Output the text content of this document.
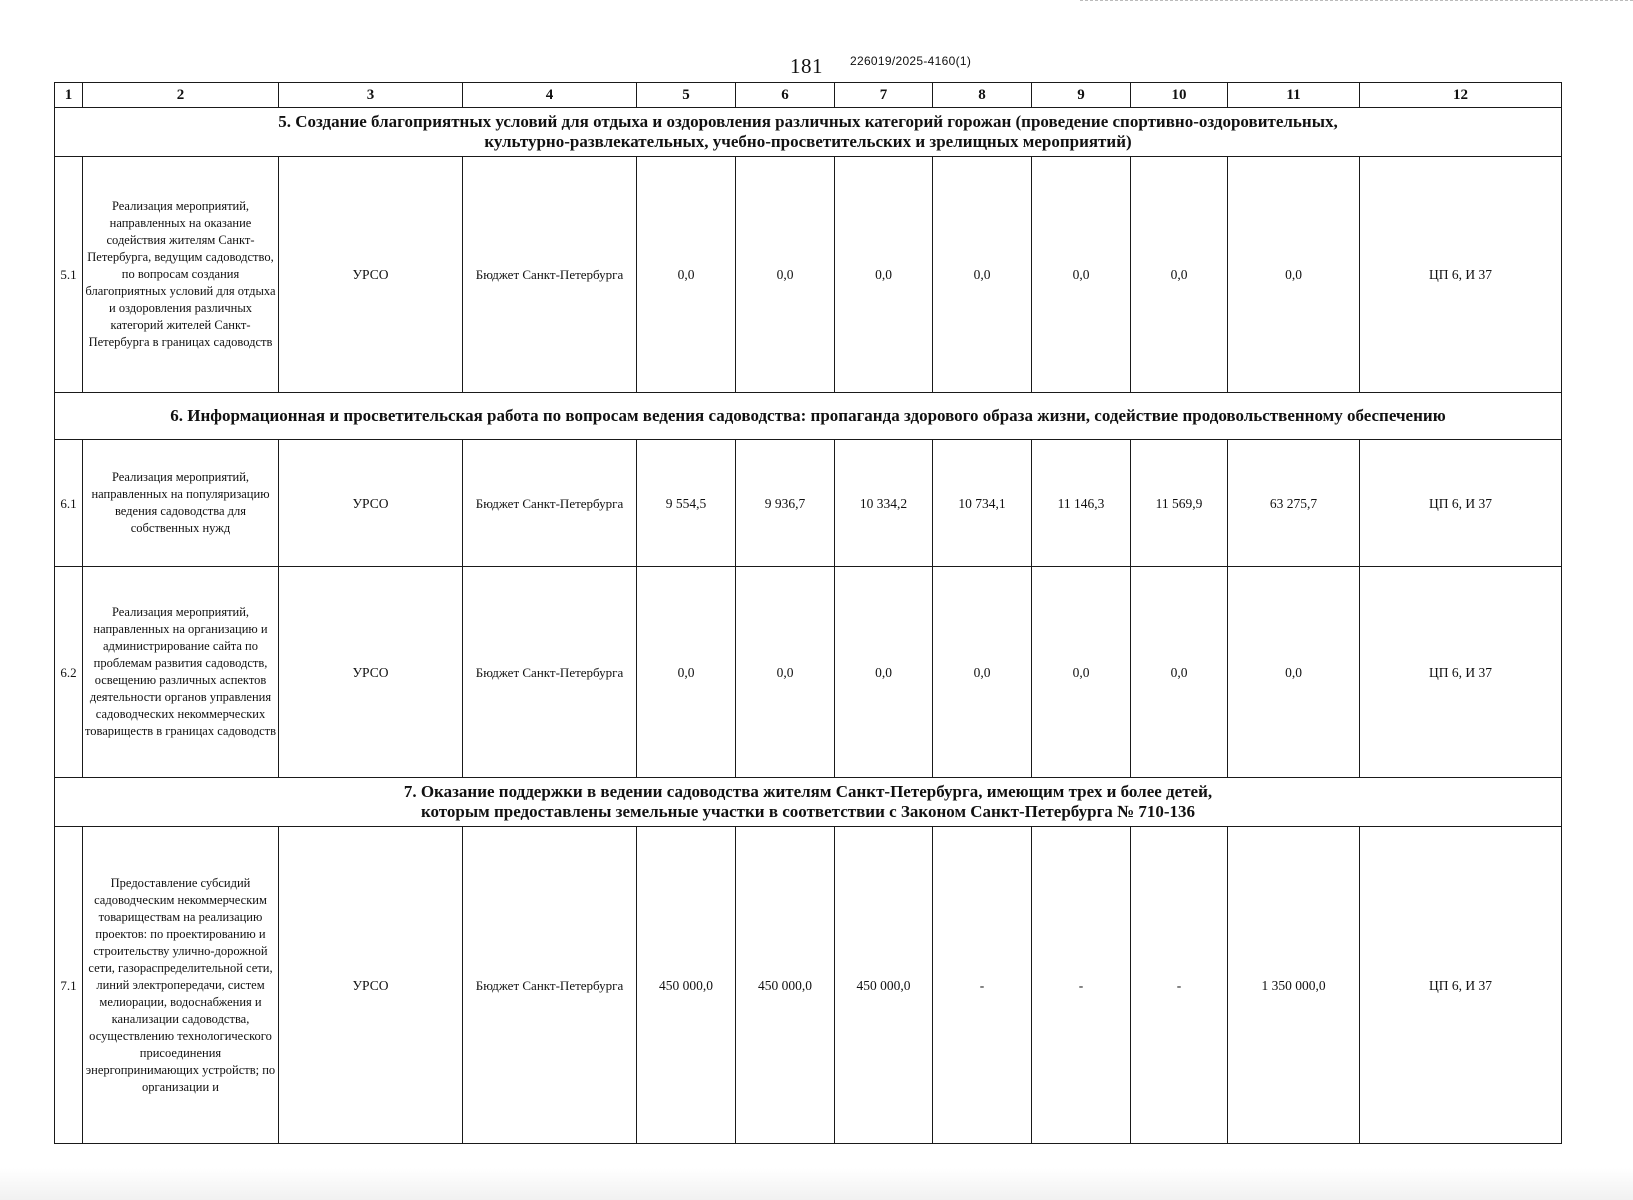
181 226019/2025-4160(1)
1	2	3	4	5	6	7	8	9	10	11	12

5. Создание благоприятных условий для отдыха и оздоровления различных категорий горожан (проведение спортивно-оздоровительных,
культурно-развлекательных, учебно-просветительских и зрелищных мероприятий)											

5.1	Реализация мероприятий, направленных на оказание содействия жителям Санкт-Петербурга, ведущим садоводство, по вопросам создания благоприятных условий для отдыха и оздоровления различных категорий жителей Санкт-Петербурга в границах садоводств	УРСО	Бюджет Санкт-Петербурга	0,0	0,0	0,0	0,0	0,0	0,0	0,0	ЦП 6, И 37

6. Информационная и просветительская работа по вопросам ведения садоводства: пропаганда здорового образа жизни, содействие продовольственному обеспечению											

6.1	Реализация мероприятий, направленных на популяризацию ведения садоводства для собственных нужд	УРСО	Бюджет Санкт-Петербурга	9 554,5	9 936,7	10 334,2	10 734,1	11 146,3	11 569,9	63 275,7	ЦП 6, И 37
6.2	Реализация мероприятий, направленных на организацию и администрирование сайта по проблемам развития садоводств, освещению различных аспектов деятельности органов управления садоводческих некоммерческих товариществ в границах садоводств	УРСО	Бюджет Санкт-Петербурга	0,0	0,0	0,0	0,0	0,0	0,0	0,0	ЦП 6, И 37

7. Оказание поддержки в ведении садоводства жителям Санкт-Петербурга, имеющим трех и более детей,
которым предоставлены земельные участки в соответствии с Законом Санкт-Петербурга № 710-136											

7.1	Предоставление субсидий садоводческим некоммерческим товариществам на реализацию проектов: по проектированию и строительству улично-дорожной сети, газораспределительной сети, линий электропередачи, систем мелиорации, водоснабжения и канализации садоводства, осуществлению технологического присоединения энергопринимающих устройств; по организации и	УРСО	Бюджет Санкт-Петербурга	450 000,0	450 000,0	450 000,0	-	-	-	1 350 000,0	ЦП 6, И 37
